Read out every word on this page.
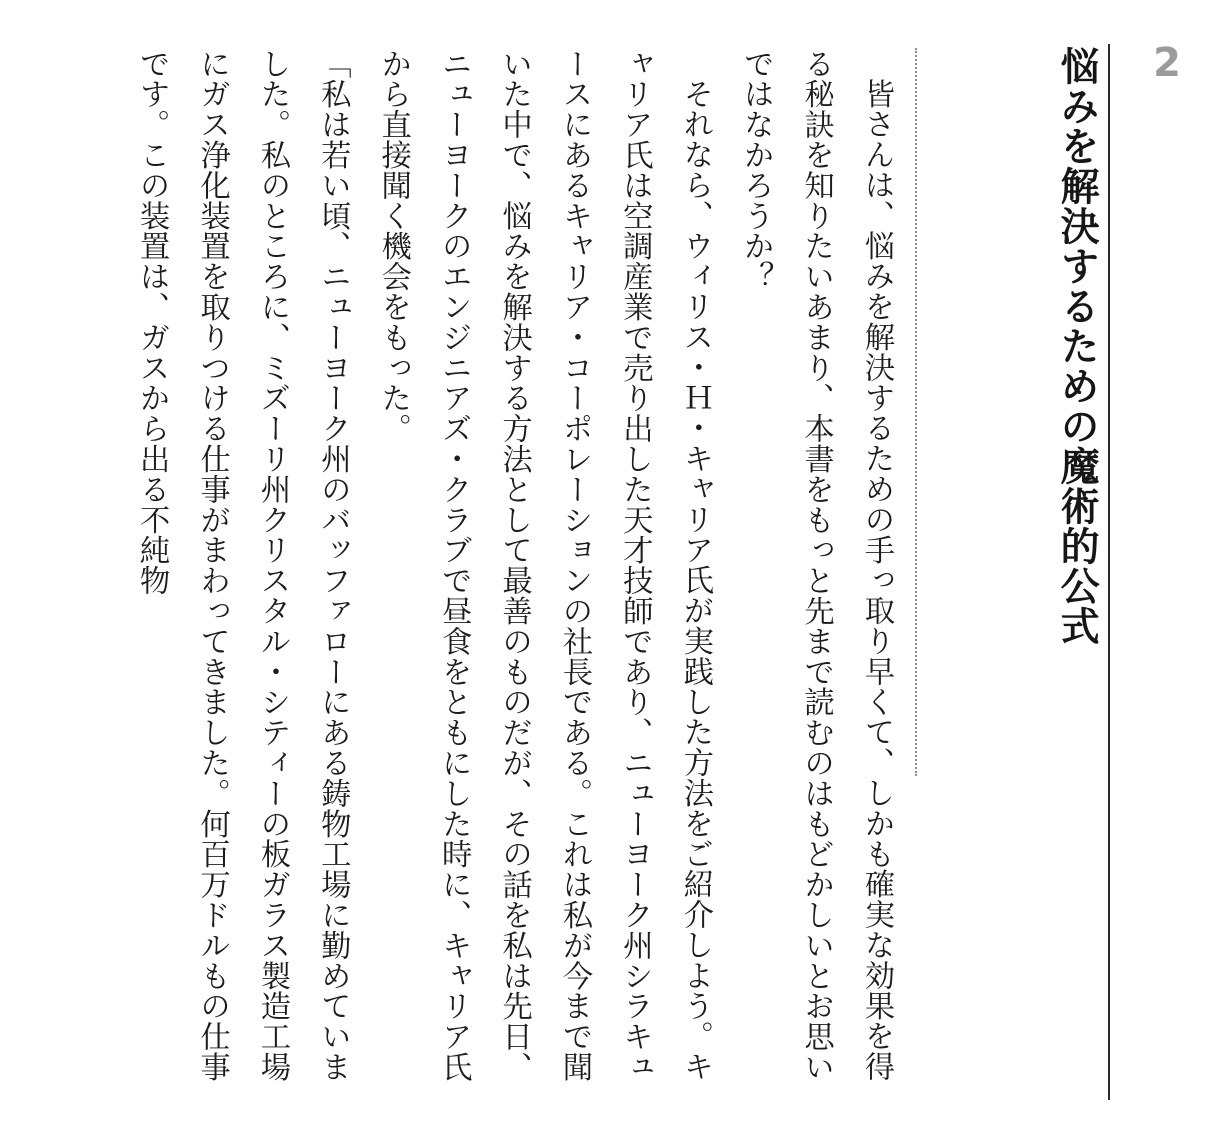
2
悩みを解決するための魔術的公式

皆さんは、悩みを解決するための手っ取り早くて、しかも確実な効果を得る秘訣を知りたいあまり、本書をもっと先まで読むのはもどかしいとお思いではなかろうか？

それなら、ウィリス・Ｈ・キャリア氏が実践した方法をご紹介しよう。キャリア氏は空調産業で売り出した天才技師であり、ニューヨーク州シラキュースにあるキャリア・コーポレーションの社長である。これは私が今まで聞いた中で、悩みを解決する方法として最善のものだが、その話を私は先日、ニューヨークのエンジニアズ・クラブで昼食をともにした時に、キャリア氏から直接聞く機会をもった。

「私は若い頃、ニューヨーク州のバッファローにある鋳物工場に勤めていました。私のところに、ミズーリ州クリスタル・シティーの板ガラス製造工場にガス浄化装置を取りつける仕事がまわってきました。何百万ドルもの仕事です。この装置は、ガスから出る不純物
